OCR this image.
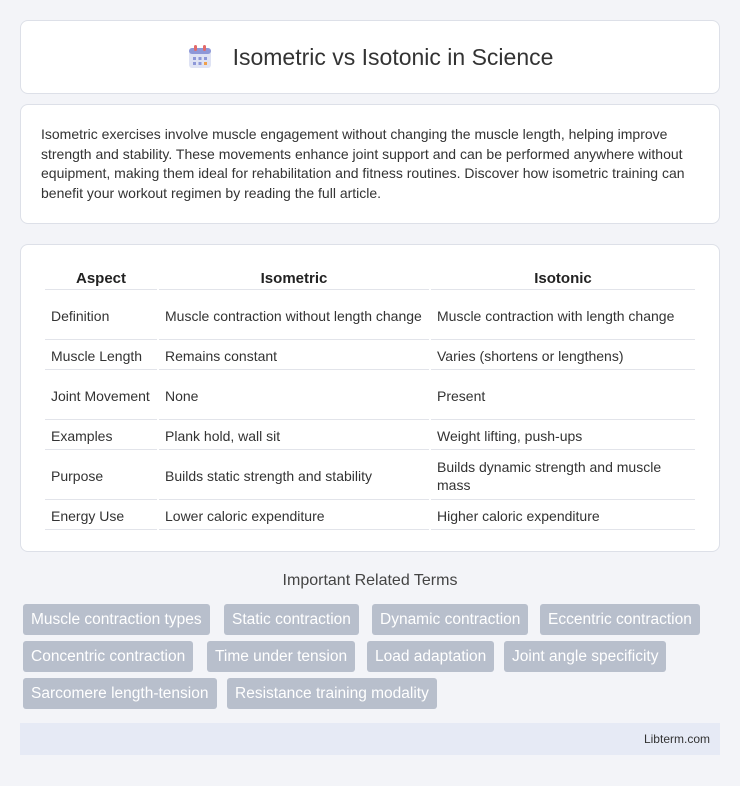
Isometric vs Isotonic in Science

Isometric exercises involve muscle engagement without changing the muscle length, helping improve strength and stability. These movements enhance joint support and can be performed anywhere without equipment, making them ideal for rehabilitation and fitness routines. Discover how isometric training can benefit your workout regimen by reading the full article.

Aspect	Isometric	Isotonic
Definition	Muscle contraction without length change	Muscle contraction with length change
Muscle Length	Remains constant	Varies (shortens or lengthens)
Joint Movement	None	Present
Examples	Plank hold, wall sit	Weight lifting, push-ups
Purpose	Builds static strength and stability	Builds dynamic strength and muscle mass
Energy Use	Lower caloric expenditure	Higher caloric expenditure
Important Related Terms
Muscle contraction types	Static contraction	Dynamic contraction	Eccentric contraction
Concentric contraction	Time under tension	Load adaptation	Joint angle specificity
Sarcomere length-tension	Resistance training modality
Libterm.com
